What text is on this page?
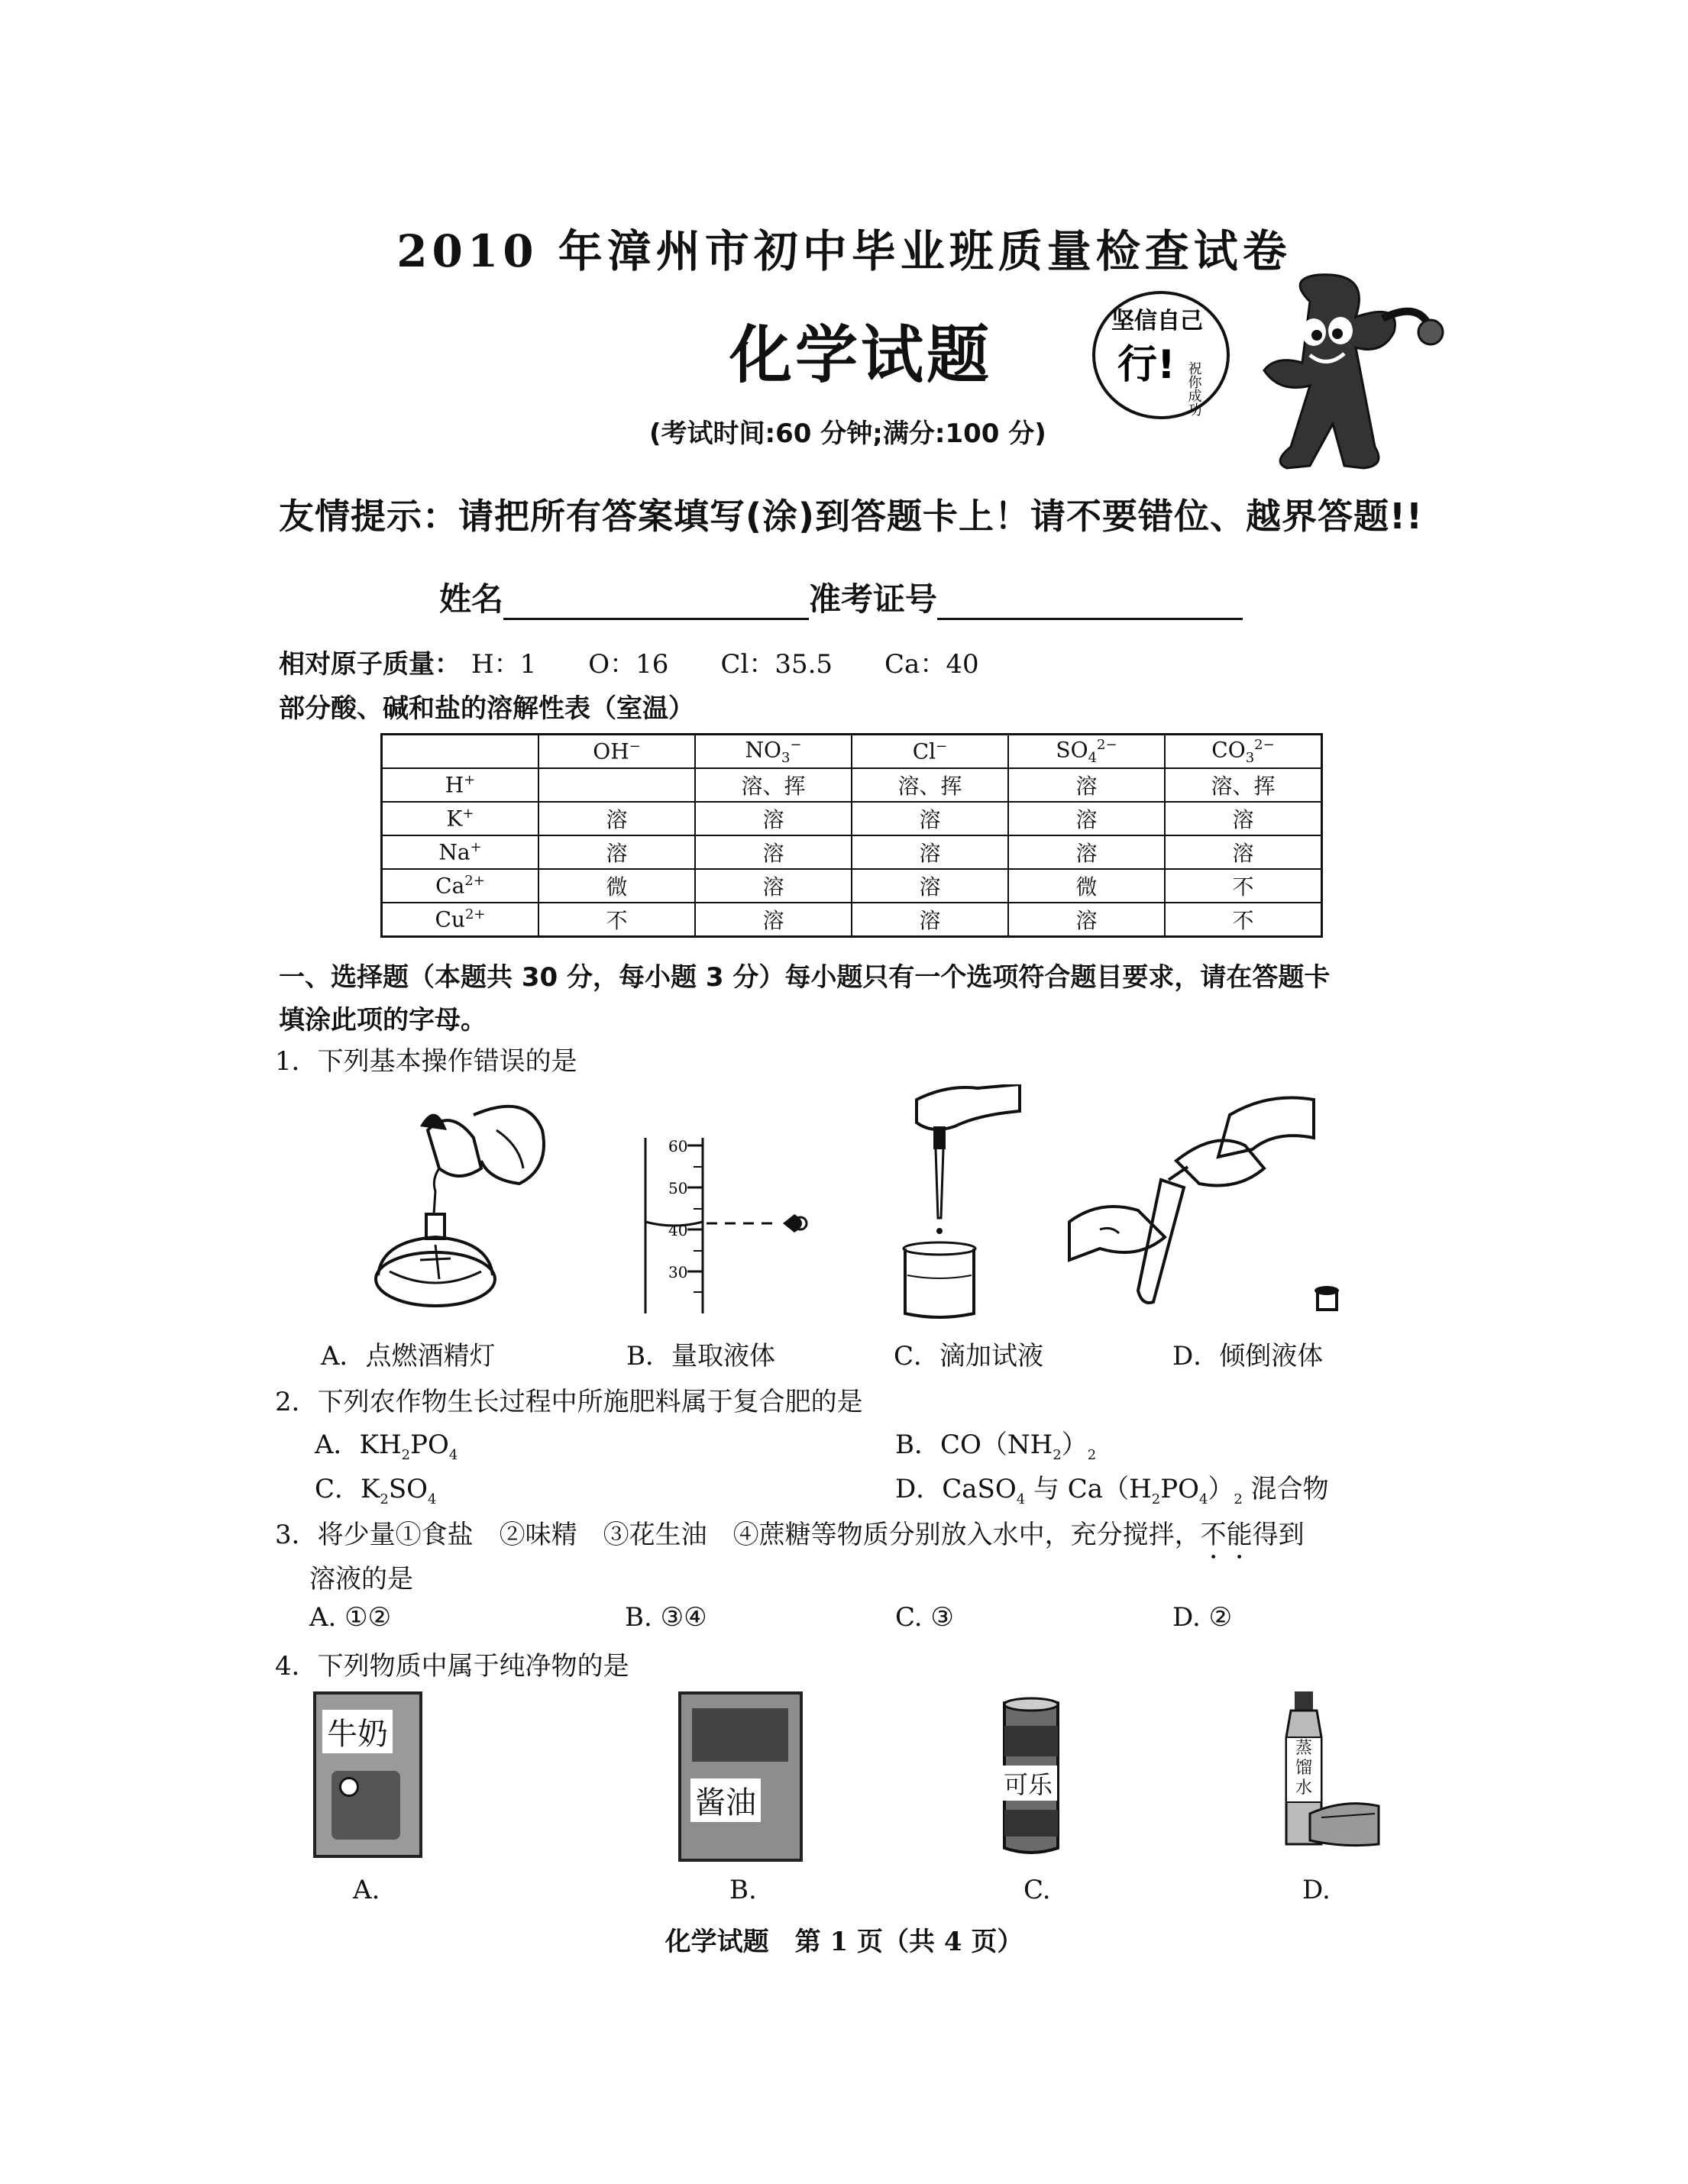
2010 年漳州市初中毕业班质量检查试卷
化学试题
(考试时间:60 分钟;满分:100 分)
坚信自己
行! 祝你成功
坚信自己 行! 祝你成功
友情提示：请把所有答案填写(涂)到答题卡上！请不要错位、越界答题!!
姓名	准考证号
相对原子质量： H：1 O：16 Cl：35.5 Ca：40
部分酸、碱和盐的溶解性表（室温）
	OH−	$NO_3^-$	Cl−	$SO_4^{2-}$	$CO_3^{2-}$
H+		溶、挥	溶、挥	溶	溶、挥
K+	溶	溶	溶	溶	溶
Na+	溶	溶	溶	溶	溶
$Ca^{2+}$	微	溶	溶	微	不
$Cu^{2+}$	不	溶	溶	溶	不
一、选择题（本题共 30 分，每小题 3 分）每小题只有一个选项符合题目要求，请在答题卡
填涂此项的字母。
1．下列基本操作错误的是
60
50
40
30
A．点燃酒精灯	B．量取液体	C．滴加试液	D．倾倒液体
2．下列农作物生长过程中所施肥料属于复合肥的是
A．$KH_2PO_4$	B．$CO(NH_2)_2$
C．$K_2SO_4$	D．CaSO$_4$ 与 $Ca(H_2PO_4)_2$ 混合物
3．将少量①食盐　②味精　③花生油　④蔗糖等物质分别放入水中，充分搅拌，不能得到
溶液的是
A. ①②	B. ③④	C. ③	D. ②
4．下列物质中属于纯净物的是
牛奶
酱油
可乐
蒸馏水
A.	B.	C.	D.
化学试题　第 1 页（共 4 页）
